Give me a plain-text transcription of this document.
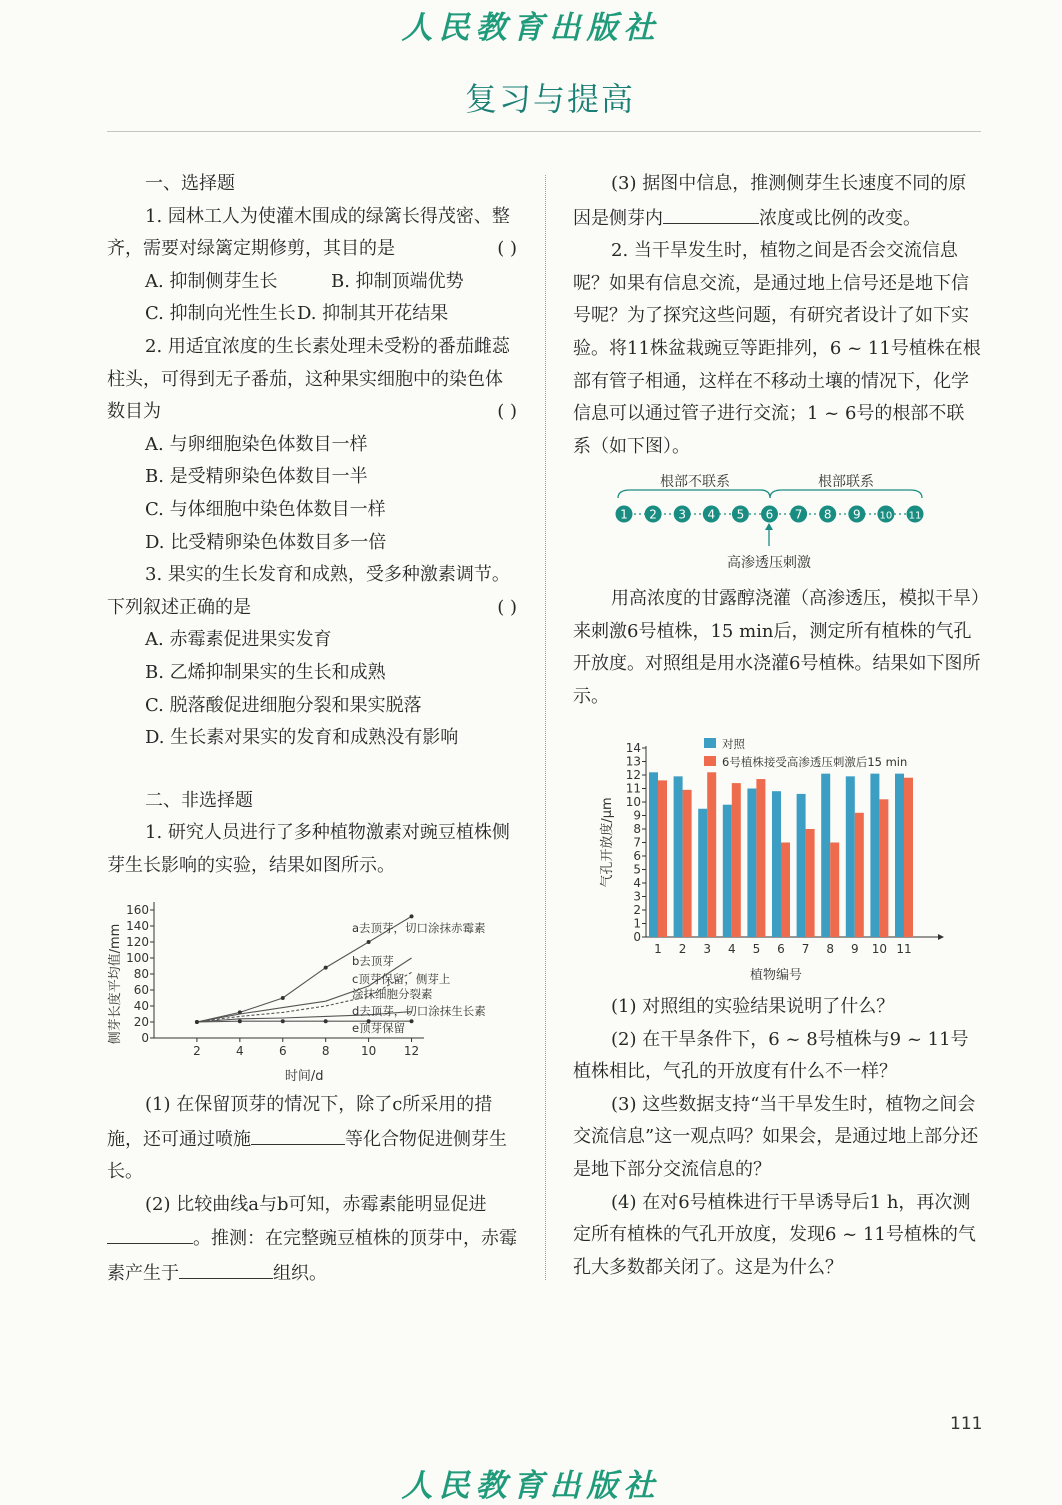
人民教育出版社
复习与提高

一、选择题

1. 园林工人为使灌木围成的绿篱长得茂密、整齐，需要对绿篱定期修剪，其目的是	( )

A. 抑制侧芽生长	B. 抑制顶端优势
C. 抑制向光性生长 D. 抑制其开花结果

2. 用适宜浓度的生长素处理未受粉的番茄雌蕊柱头，可得到无子番茄，这种果实细胞中的染色体数目为	( )

A. 与卵细胞染色体数目一样

B. 是受精卵染色体数目一半

C. 与体细胞中染色体数目一样

D. 比受精卵染色体数目多一倍

3. 果实的生长发育和成熟，受多种激素调节。下列叙述正确的是	( )

A. 赤霉素促进果实发育

B. 乙烯抑制果实的生长和成熟

C. 脱落酸促进细胞分裂和果实脱落

D. 生长素对果实的发育和成熟没有影响

二、非选择题

1. 研究人员进行了多种植物激素对豌豆植株侧芽生长影响的实验，结果如图所示。

0
20
40
60
80
100
120
140
160
2	4	6	8	10 12
时间/d
侧芽长度平均值/mm	a去顶芽，切口涂抹赤霉素
b去顶芽
c顶芽保留，侧芽上
涂抹细胞分裂素
d去顶芽，切口涂抹生长素
e顶芽保留

(1) 在保留顶芽的情况下，除了c所采用的措施，还可通过喷施	等化合物促进侧芽生长。

(2) 比较曲线a与b可知，赤霉素能明显促进。推测：在完整豌豆植株的顶芽中，赤霉素产生于	组织。

(3) 据图中信息，推测侧芽生长速度不同的原因是侧芽内	浓度或比例的改变。

2. 当干旱发生时，植物之间是否会交流信息呢？如果有信息交流，是通过地上信号还是地下信号呢？为了探究这些问题，有研究者设计了如下实验。将11株盆栽豌豆等距排列，6 ~ 11号植株在根部有管子相通，这样在不移动土壤的情况下，化学信息可以通过管子进行交流；1 ~ 6号的根部不联系（如下图）。

根部不联系	根部联系
1 2 3 4 5 6 7 8 9 10 11
高渗透压刺激

用高浓度的甘露醇浇灌（高渗透压，模拟干旱）来刺激6号植株，15 min后，测定所有植株的气孔开放度。对照组是用水浇灌6号植株。结果如下图所示。

0
1
2
3
4
5
6
7
8
9
10
11
12
13
14
1 2 3 4 5 6 7 8 9 10 11
植物编号
气孔开放度/μm
对照
6号植株接受高渗透压刺激后15 min

(1) 对照组的实验结果说明了什么？

(2) 在干旱条件下，6 ~ 8号植株与9 ~ 11号植株相比，气孔的开放度有什么不一样？

(3) 这些数据支持“当干旱发生时，植物之间会交流信息”这一观点吗？如果会，是通过地上部分还是地下部分交流信息的？

(4) 在对6号植株进行干旱诱导后1 h，再次测定所有植株的气孔开放度，发现6 ~ 11号植株的气孔大多数都关闭了。这是为什么？

111
人民教育出版社
